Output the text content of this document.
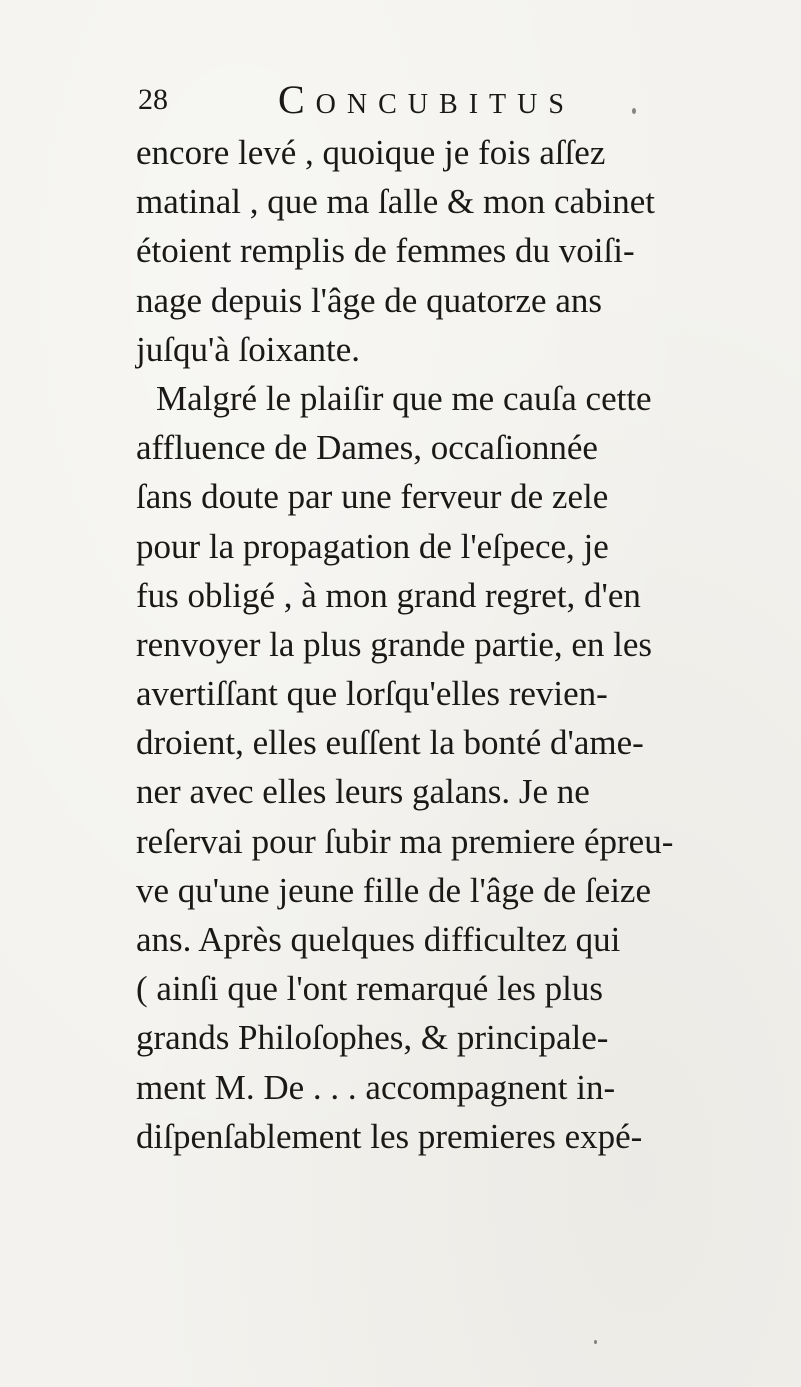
28	Concubitus
encore levé , quoique je fois aſſez
matinal , que ma ſalle & mon cabinet
étoient remplis de femmes du voiſi-
nage depuis l'âge de quatorze ans
juſqu'à ſoixante.
Malgré le plaiſir que me cauſa cette
affluence de Dames, occaſionnée
ſans doute par une ferveur de zele
pour la propagation de l'eſpece, je
fus obligé , à mon grand regret, d'en
renvoyer la plus grande partie, en les
avertiſſant que lorſqu'elles revien-
droient, elles euſſent la bonté d'ame-
ner avec elles leurs galans. Je ne
reſervai pour ſubir ma premiere épreu-
ve qu'une jeune fille de l'âge de ſeize
ans. Après quelques difficultez qui
( ainſi que l'ont remarqué les plus
grands Philoſophes, & principale-
ment M. De . . . accompagnent in-
diſpenſablement les premieres expé-
